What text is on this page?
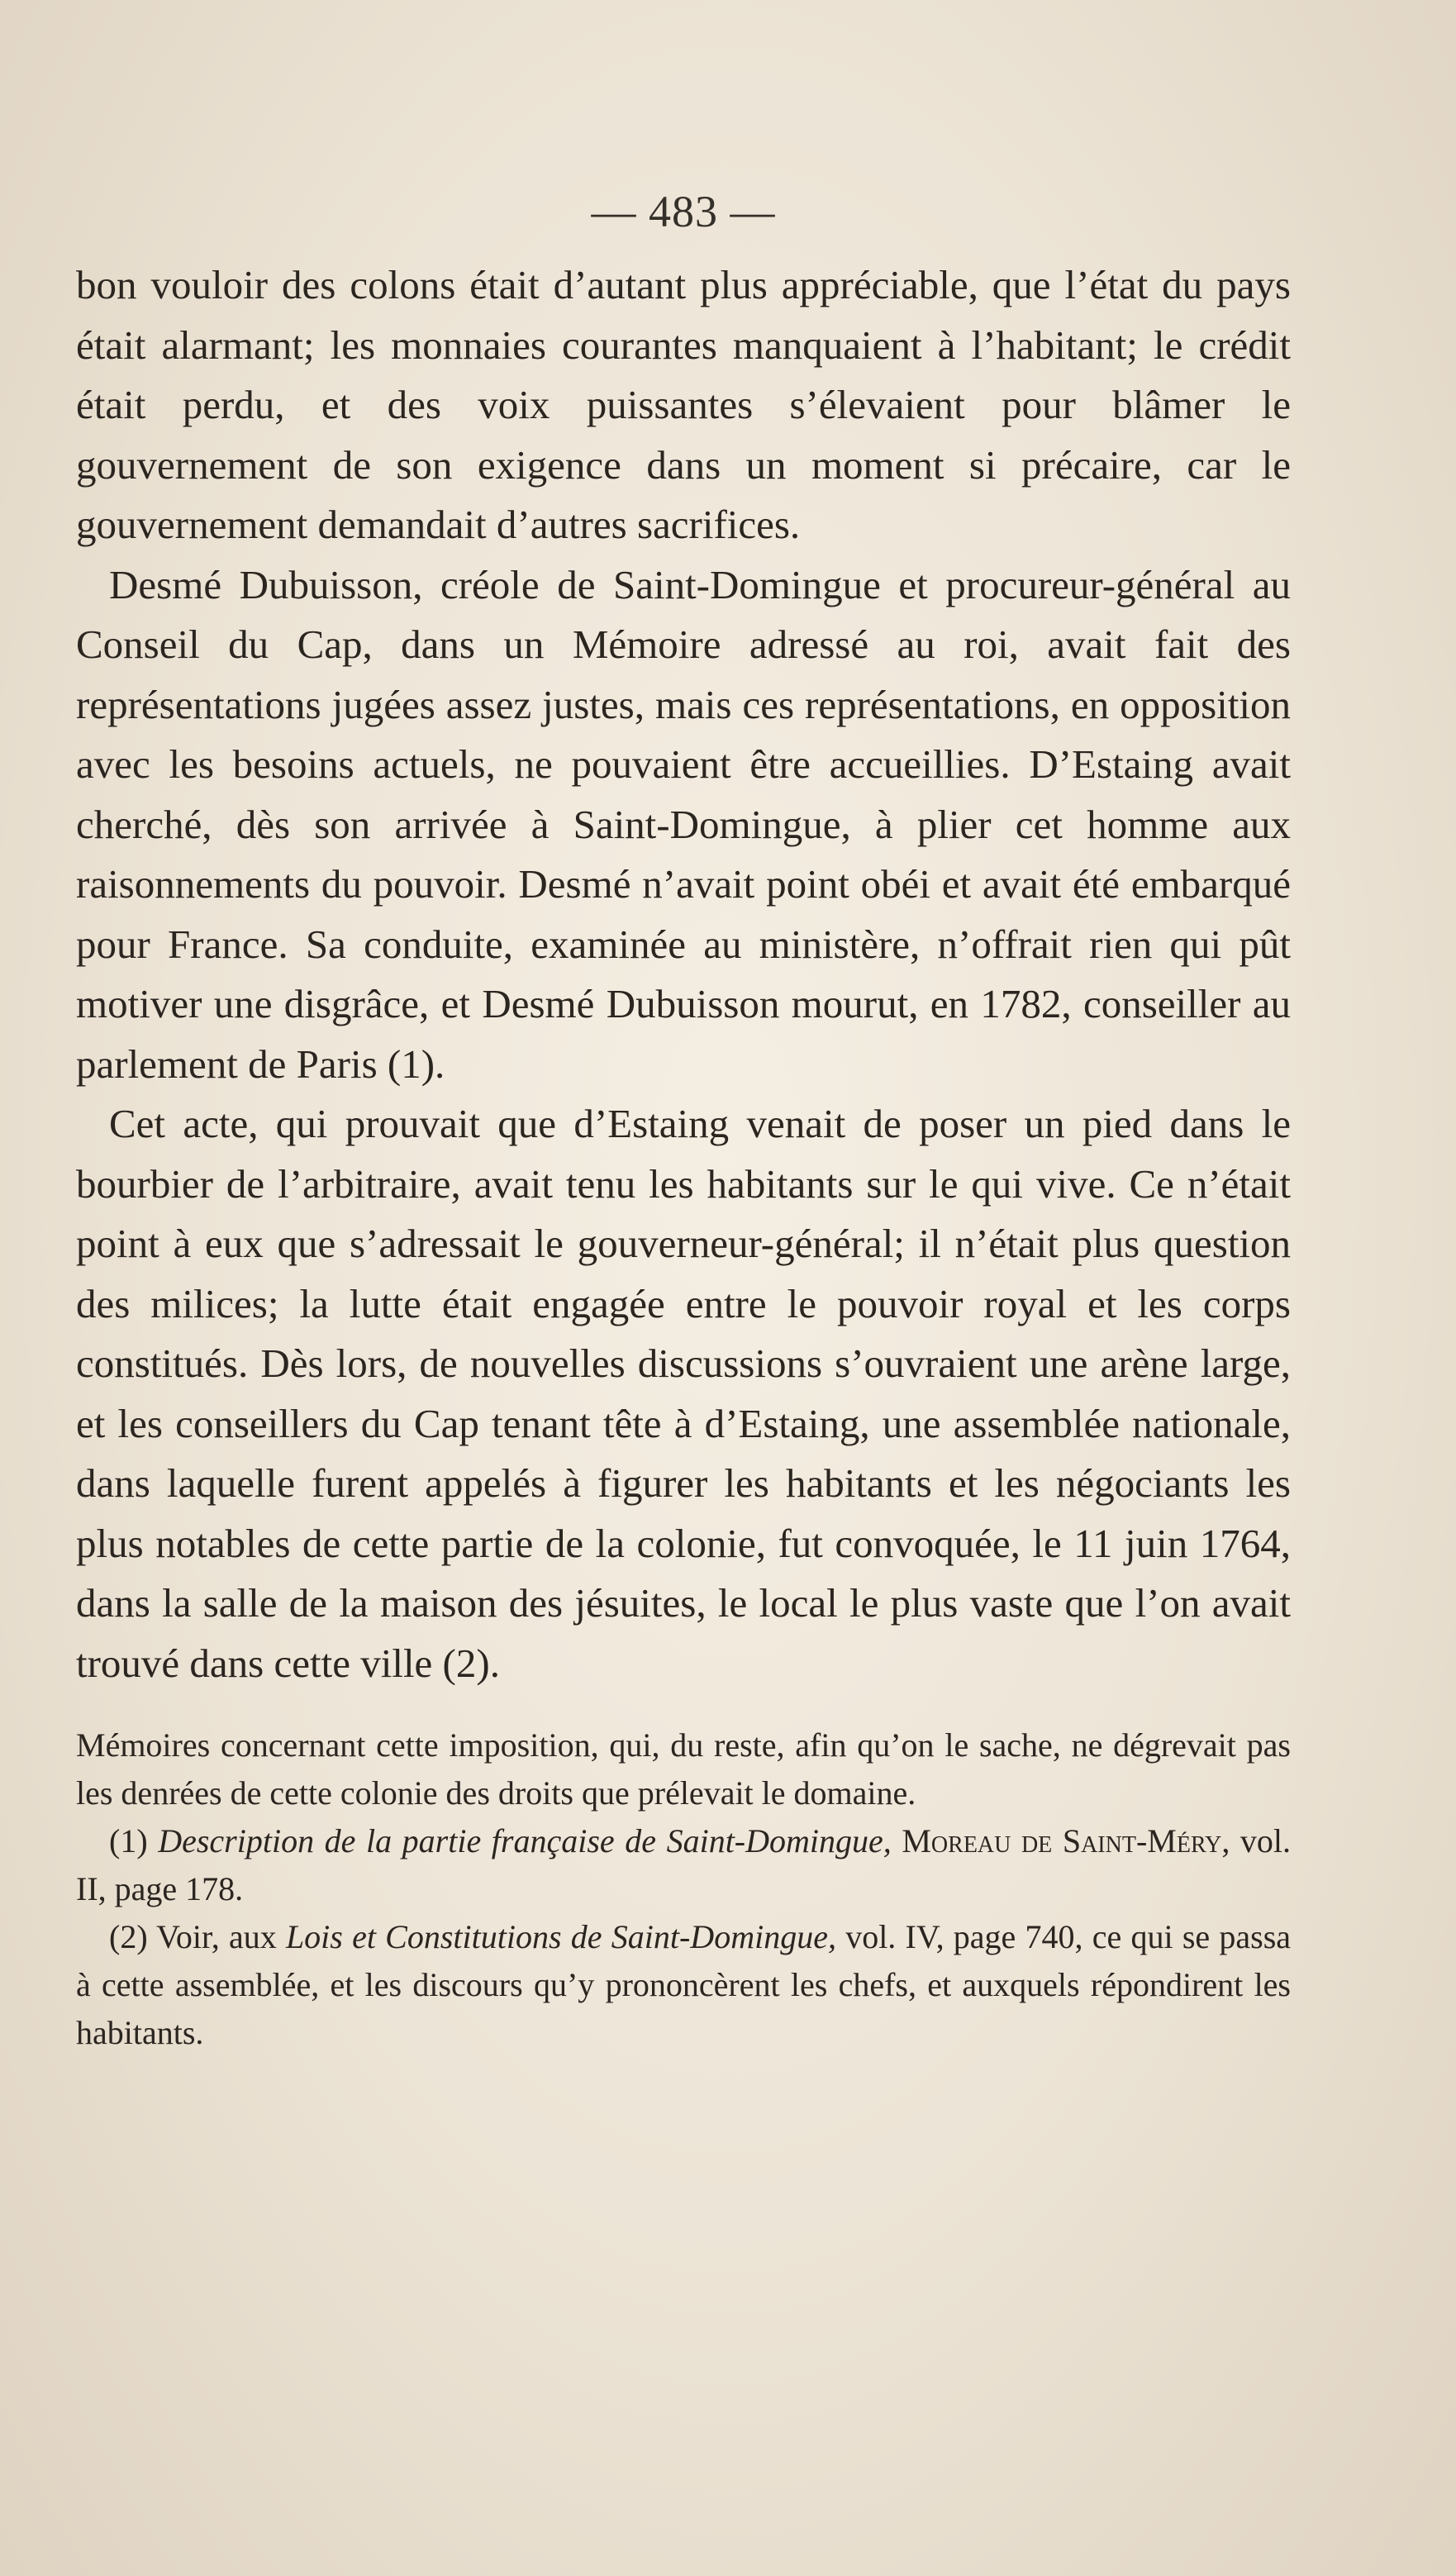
— 483 —

bon vouloir des colons était d’autant plus appréciable, que l’état du pays était alarmant; les monnaies courantes manquaient à l’habitant; le crédit était perdu, et des voix puissantes s’élevaient pour blâmer le gouvernement de son exigence dans un moment si précaire, car le gouvernement demandait d’autres sacrifices.

Desmé Dubuisson, créole de Saint-Domingue et procureur-général au Conseil du Cap, dans un Mémoire adressé au roi, avait fait des représentations jugées assez justes, mais ces représentations, en opposition avec les besoins actuels, ne pouvaient être accueillies. D’Estaing avait cherché, dès son arrivée à Saint-Domingue, à plier cet homme aux raisonnements du pouvoir. Desmé n’avait point obéi et avait été embarqué pour France. Sa conduite, examinée au ministère, n’offrait rien qui pût motiver une disgrâce, et Desmé Dubuisson mourut, en 1782, conseiller au parlement de Paris (1).

Cet acte, qui prouvait que d’Estaing venait de poser un pied dans le bourbier de l’arbitraire, avait tenu les habitants sur le qui vive. Ce n’était point à eux que s’adressait le gouverneur-général; il n’était plus question des milices; la lutte était engagée entre le pouvoir royal et les corps constitués. Dès lors, de nouvelles discussions s’ouvraient une arène large, et les conseillers du Cap tenant tête à d’Estaing, une assemblée nationale, dans laquelle furent appelés à figurer les habitants et les négociants les plus notables de cette partie de la colonie, fut convoquée, le 11 juin 1764, dans la salle de la maison des jésuites, le local le plus vaste que l’on avait trouvé dans cette ville (2).

Mémoires concernant cette imposition, qui, du reste, afin qu’on le sache, ne dégrevait pas les denrées de cette colonie des droits que prélevait le domaine.

(1) Description de la partie française de Saint-Domingue, Moreau de Saint-Méry, vol. II, page 178.

(2) Voir, aux Lois et Constitutions de Saint-Domingue, vol. IV, page 740, ce qui se passa à cette assemblée, et les discours qu’y prononcèrent les chefs, et auxquels répondirent les habitants.
